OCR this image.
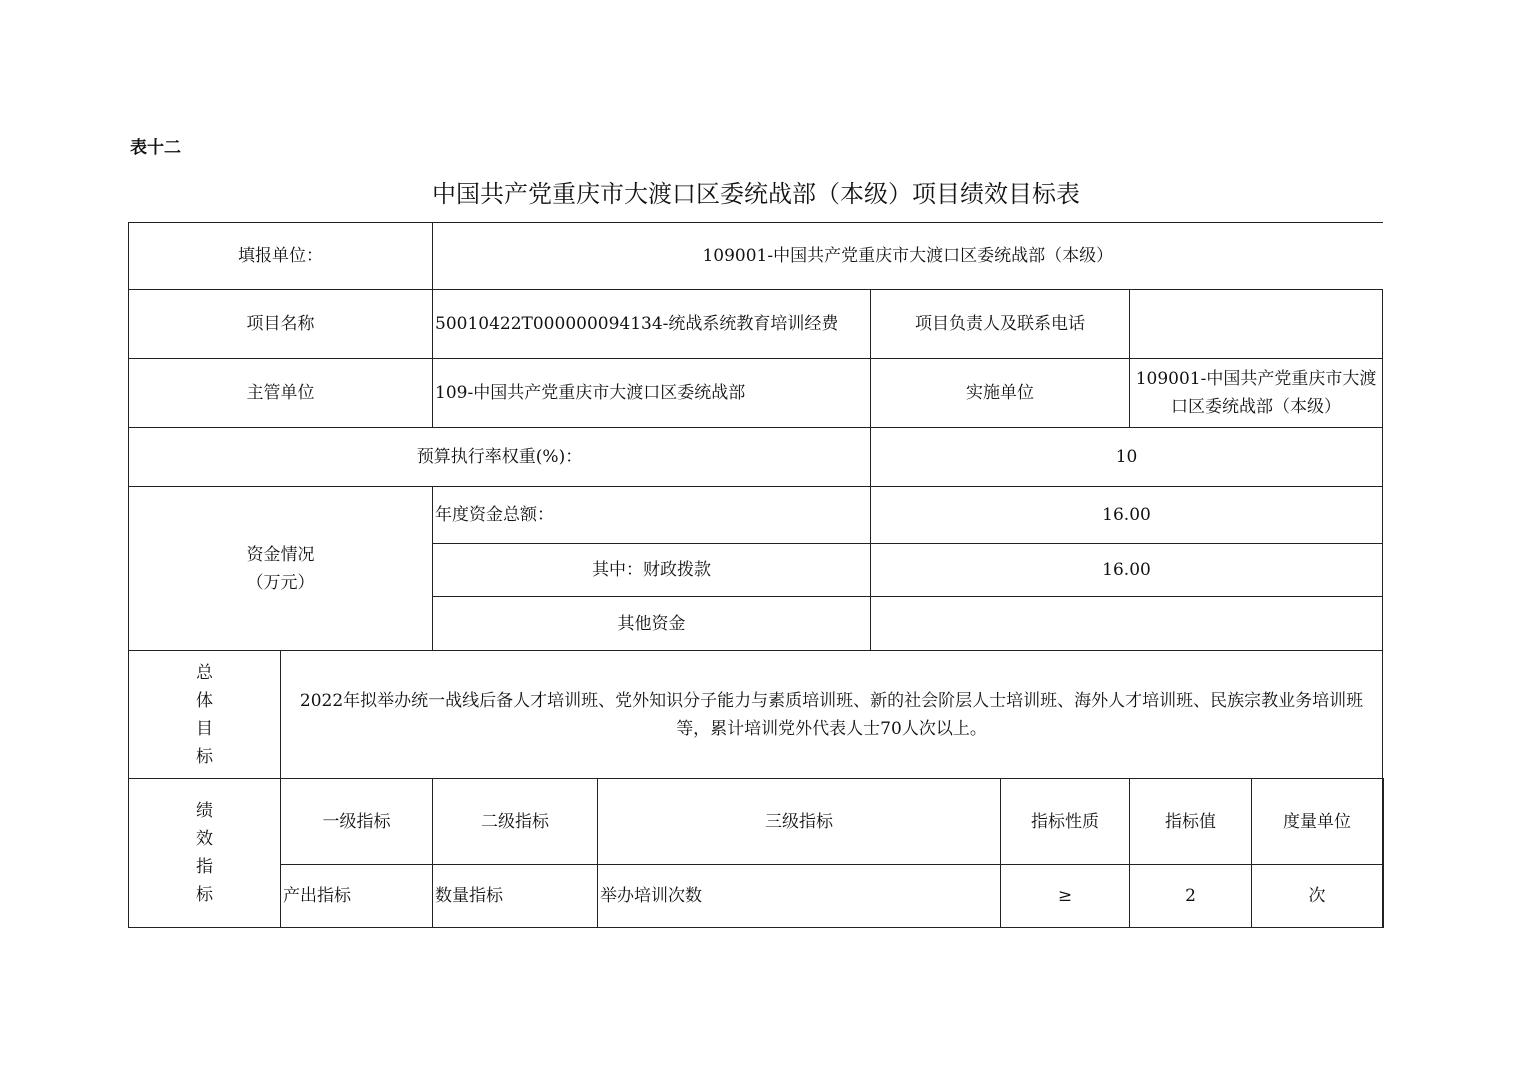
表十二
中国共产党重庆市大渡口区委统战部（本级）项目绩效目标表
填报单位：		109001-中国共产党重庆市大渡口区委统战部（本级）						
项目名称		50010422T000000094134-统战系统教育培训经费		项目负责人及联系电话				
主管单位		109-中国共产党重庆市大渡口区委统战部		实施单位		109001-中国共产党重庆市大渡口区委统战部（本级）		
预算执行率权重(%)：				10				

资金情况
（万元）		年度资金总额：		16.00				
		其中：财政拨款		16.00				
		其他资金						
总体目标	2022年拟举办统一战线后备人才培训班、党外知识分子能力与素质培训班、新的社会阶层人士培训班、海外人才培训班、民族宗教业务培训班等，累计培训党外代表人士70人次以上。							
绩效指标	一级指标	二级指标	三级指标		指标性质	指标值	度量单位	
	产出指标	数量指标	举办培训次数		≥	2	次	
